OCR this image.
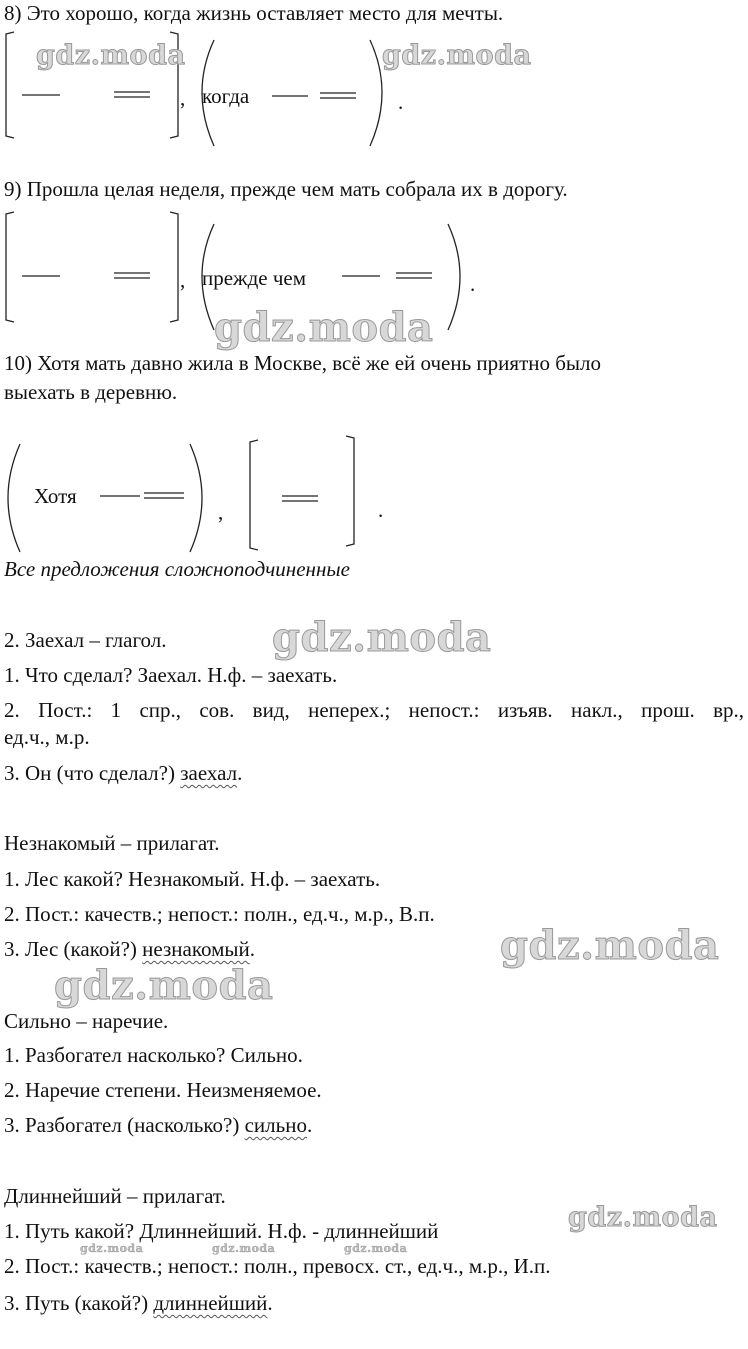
8) Это хорошо, когда жизнь оставляет место для мечты.
, когда	.
9) Прошла целая неделя, прежде чем мать собрала их в дорогу.
, прежде чем	.
10) Хотя мать давно жила в Москве, всё же ей очень приятно было
выехать в деревню.
Хотя
,	.
Все предложения сложноподчиненные
2. Заехал – глагол.
1. Что сделал? Заехал. Н.ф. – заехать.
2. Пост.: 1 спр., сов. вид, неперех.; непост.: изъяв. накл., прош. вр.,
ед.ч., м.р.
3. Он (что сделал?) заехал.
Незнакомый – прилагат.
1. Лес какой? Незнакомый. Н.ф. – заехать.
2. Пост.: качеств.; непост.: полн., ед.ч., м.р., В.п.
3. Лес (какой?) незнакомый.
Сильно – наречие.
1. Разбогател насколько? Сильно.
2. Наречие степени. Неизменяемое.
3. Разбогател (насколько?) сильно.
Длиннейший – прилагат.
1. Путь какой? Длиннейший. Н.ф. - длиннейший
2. Пост.: качеств.; непост.: полн., превосх. ст., ед.ч., м.р., И.п.
3. Путь (какой?) длиннейший.
gdz.moda	gdz.moda
gdz.moda
gdz.moda
gdz.moda
gdz.moda
gdz.moda
gdz.moda	gdz.moda	gdz.moda
